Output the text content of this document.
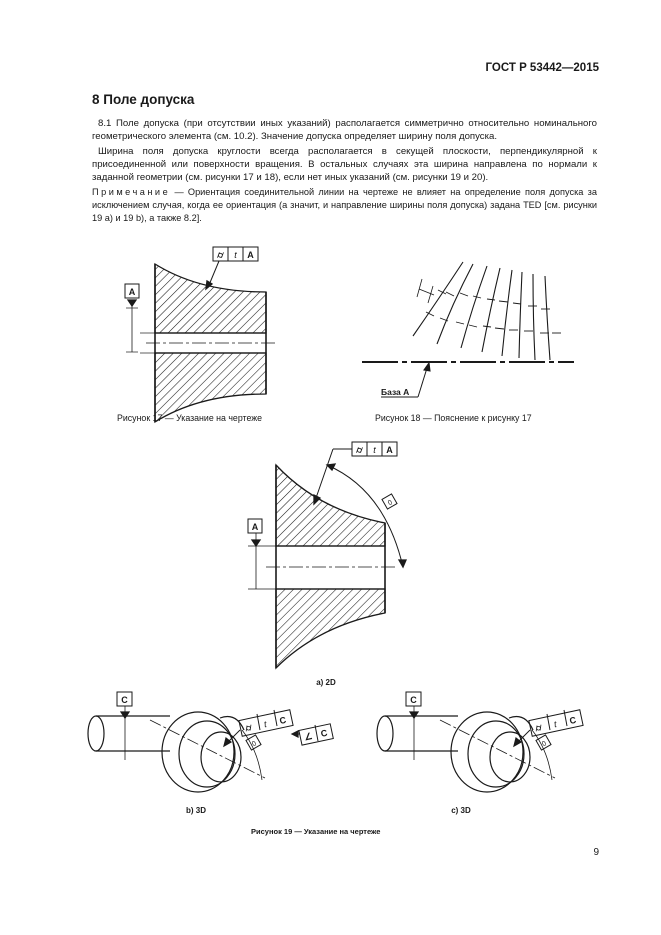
ГОСТ Р 53442—2015
8 Поле допуска
8.1 Поле допуска (при отсутствии иных указаний) располагается симметрично относительно номинального геометрического элемента (см. 10.2). Значение допуска определяет ширину поля допуска.
Ширина поля допуска круглости всегда располагается в секущей плоскости, перпендикулярной к присоединенной или поверхности вращения. В остальных случаях эта ширина направлена по нормали к заданной геометрии (см. рисунки 17 и 18), если нет иных указаний (см. рисунки 19 и 20).
Примечание — Ориентация соединительной линии на чертеже не влияет на определение поля допуска за исключением случая, когда ее ориентация (а значит, и направление ширины поля допуска) задана TED [см. рисунки 19 а) и 19 b), а также 8.2].
A
⌭ t A
База А
A
⌭ t A
0
а) 2D
C
⌭ t C
∠ C
0
b) 3D
C
⌭ t C
0
c) 3D
Рисунок 17 — Указание на чертеже	Рисунок 18 — Пояснение к рисунку 17
Рисунок 19 — Указание на чертеже
9
